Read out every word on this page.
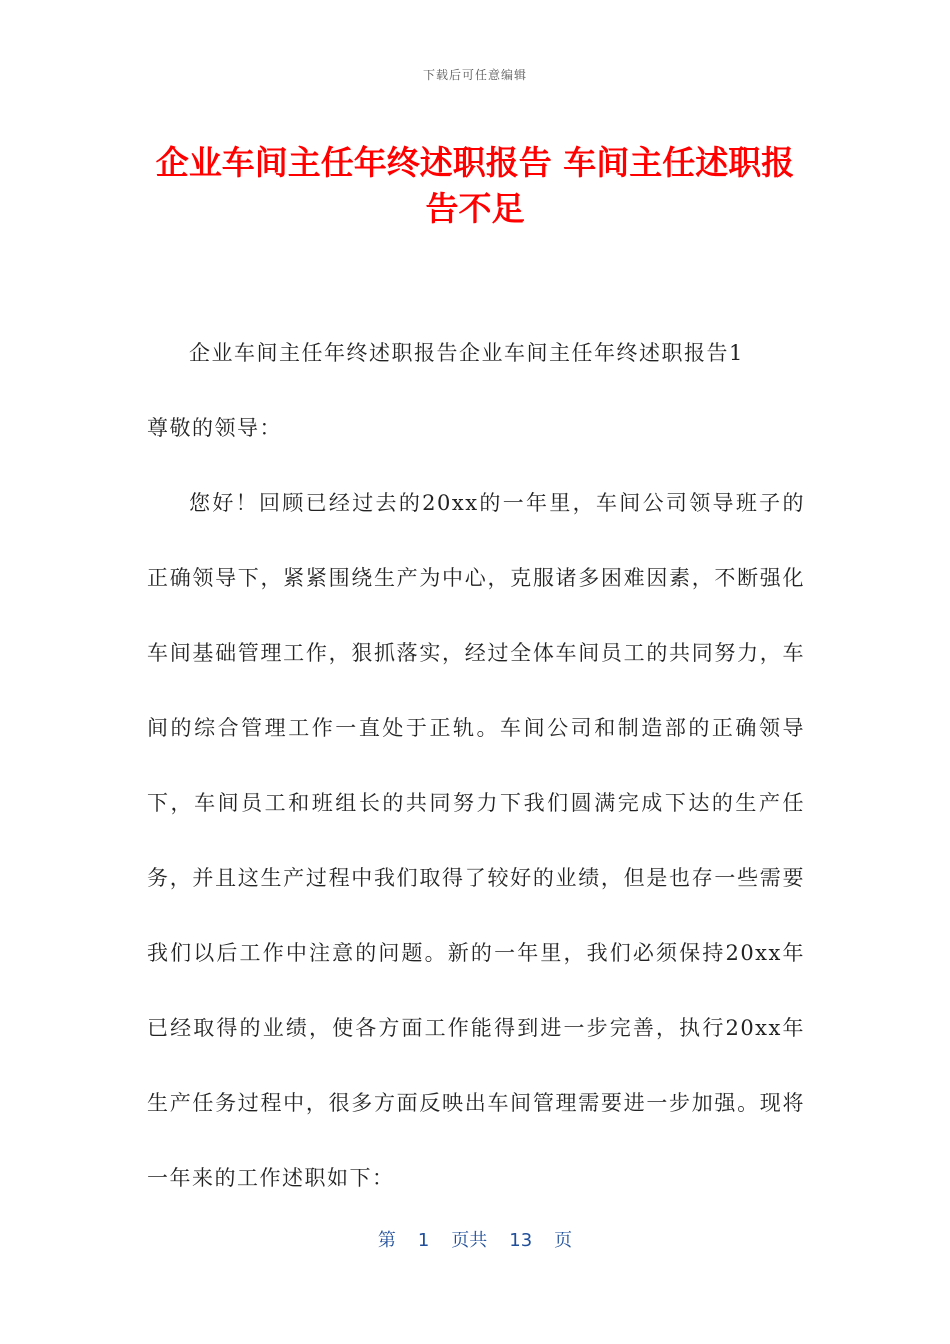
下载后可任意编辑
企业车间主任年终述职报告 车间主任述职报告不足

企业车间主任年终述职报告企业车间主任年终述职报告1

尊敬的领导：

您好！回顾已经过去的20xx的一年里，车间公司领导班子的正确领导下，紧紧围绕生产为中心，克服诸多困难因素，不断强化车间基础管理工作，狠抓落实，经过全体车间员工的共同努力，车间的综合管理工作一直处于正轨。车间公司和制造部的正确领导下，车间员工和班组长的共同努力下我们圆满完成下达的生产任务，并且这生产过程中我们取得了较好的业绩，但是也存一些需要我们以后工作中注意的问题。新的一年里，我们必须保持20xx年已经取得的业绩，使各方面工作能得到进一步完善，执行20xx年生产任务过程中，很多方面反映出车间管理需要进一步加强。现将一年来的工作述职如下：

第 1 页共 13 页
